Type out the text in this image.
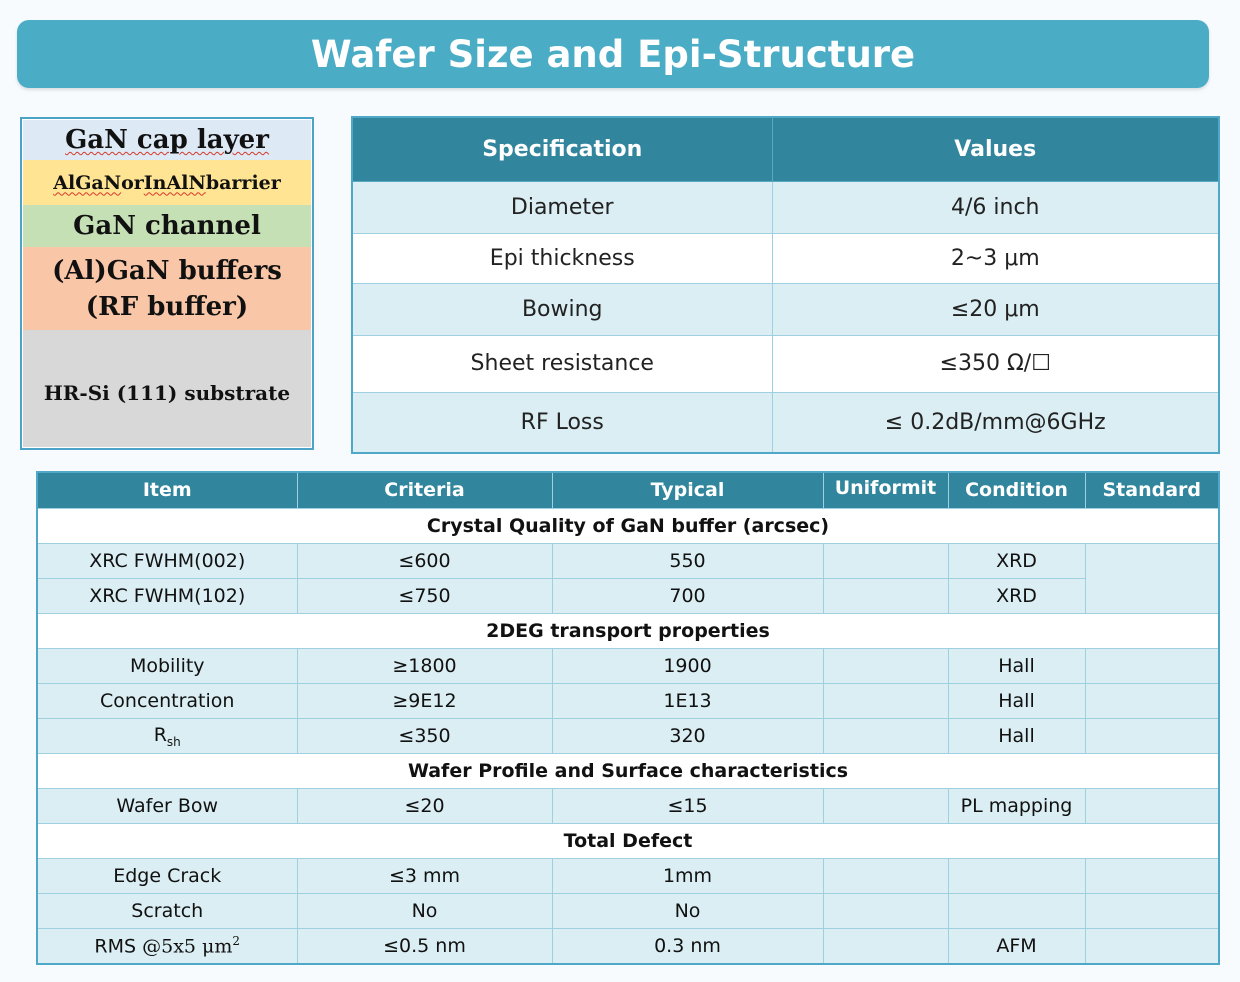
Wafer Size and Epi-Structure
GaN cap layer
AlGaN or InAlN barrier
GaN channel
(Al)GaN buffers
(RF buffer)
HR-Si (111) substrate
Specification	Values
Diameter	4/6 inch
Epi thickness	2~3 μm
Bowing	≤20 μm
Sheet resistance	≤350 Ω/☐
RF Loss	≤ 0.2dB/mm@6GHz
Item	Criteria	Typical	Uniformit	Condition	Standard
Crystal Quality of GaN buffer (arcsec)					
XRC FWHM(002)	≤600	550		XRD	
XRC FWHM(102)	≤750	700		XRD	
2DEG transport properties					
Mobility	≥1800	1900		Hall	
Concentration	≥9E12	1E13		Hall	
$R_{sh}$	≤350	320		Hall	
Wafer Profile and Surface characteristics					
Wafer Bow	≤20	≤15		PL mapping	
Total Defect					
Edge Crack	≤3 mm	1mm			
Scratch	No	No			
RMS @5x5 $\mu m^2$	≤0.5 nm	0.3 nm		AFM	
